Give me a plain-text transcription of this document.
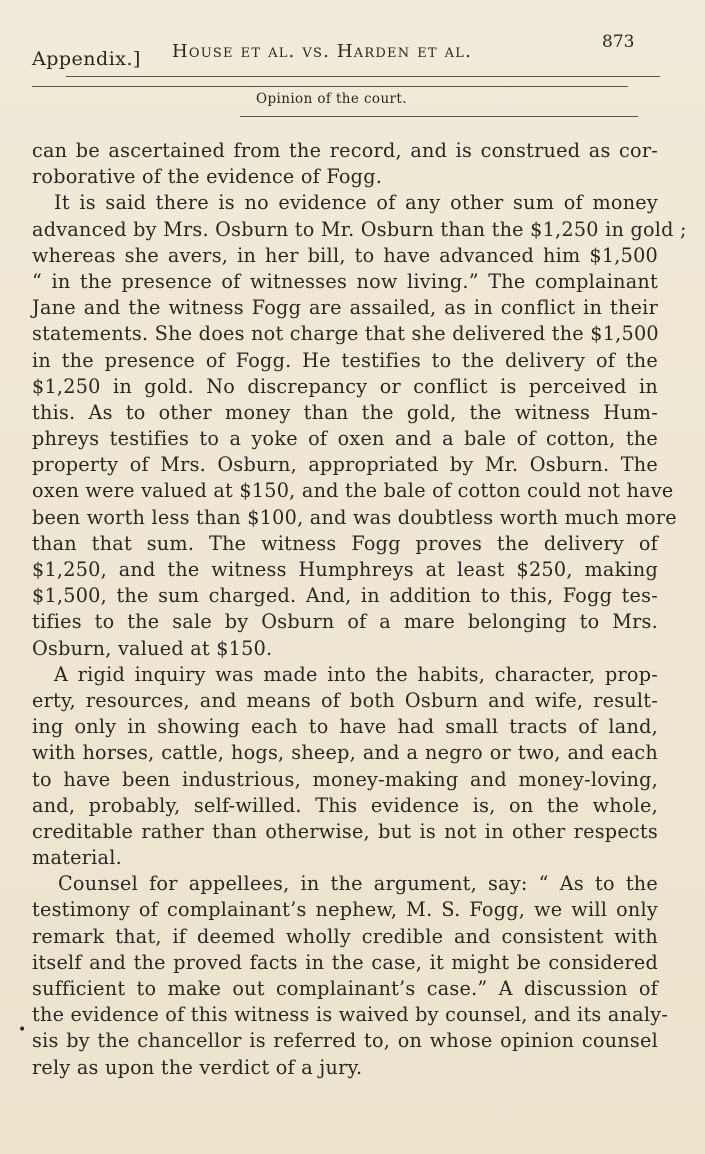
Appendix.] House et al. vs. Harden et al.	873
Opinion of the court.
can be ascertained from the record, and is construed as cor-
roborative of the evidence of Fogg.
It is said there is no evidence of any other sum of money
advanced by Mrs. Osburn to Mr. Osburn than the $1,250 in gold ;
whereas she avers, in her bill, to have advanced him $1,500
“ in the presence of witnesses now living.” The complainant
Jane and the witness Fogg are assailed, as in conflict in their
statements. She does not charge that she delivered the $1,500
in the presence of Fogg. He testifies to the delivery of the
$1,250 in gold. No discrepancy or conflict is perceived in
this. As to other money than the gold, the witness Hum-
phreys testifies to a yoke of oxen and a bale of cotton, the
property of Mrs. Osburn, appropriated by Mr. Osburn. The
oxen were valued at $150, and the bale of cotton could not have
been worth less than $100, and was doubtless worth much more
than that sum. The witness Fogg proves the delivery of
$1,250, and the witness Humphreys at least $250, making
$1,500, the sum charged. And, in addition to this, Fogg tes-
tifies to the sale by Osburn of a mare belonging to Mrs.
Osburn, valued at $150.
A rigid inquiry was made into the habits, character, prop-
erty, resources, and means of both Osburn and wife, result-
ing only in showing each to have had small tracts of land,
with horses, cattle, hogs, sheep, and a negro or two, and each
to have been industrious, money-making and money-loving,
and, probably, self-willed. This evidence is, on the whole,
creditable rather than otherwise, but is not in other respects
material.
Counsel for appellees, in the argument, say: “ As to the
testimony of complainant’s nephew, M. S. Fogg, we will only
remark that, if deemed wholly credible and consistent with
itself and the proved facts in the case, it might be considered
sufficient to make out complainant’s case.” A discussion of
the evidence of this witness is waived by counsel, and its analy-
sis by the chancellor is referred to, on whose opinion counsel
rely as upon the verdict of a jury.
•
